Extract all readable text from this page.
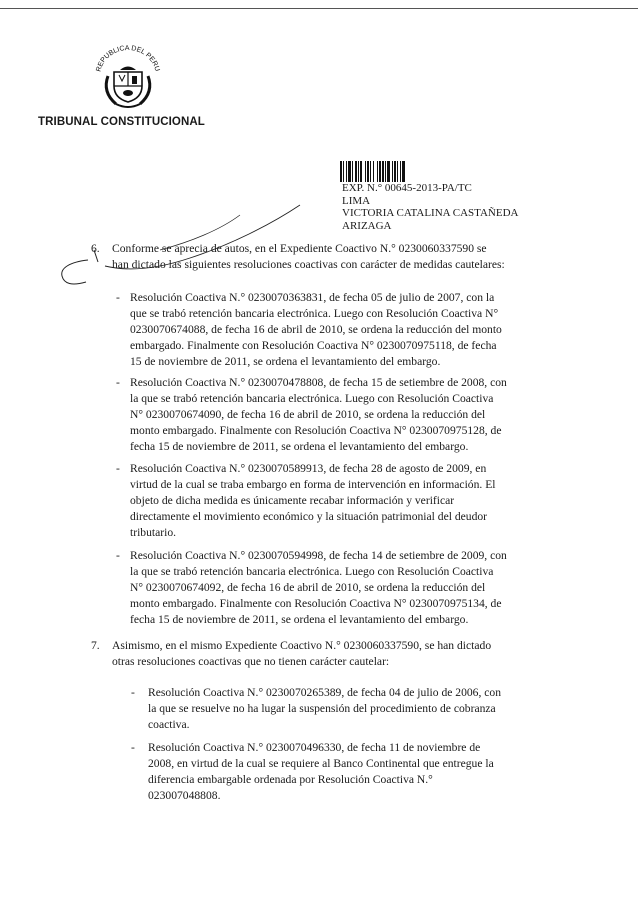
REPUBLICA DEL PERU
TRIBUNAL CONSTITUCIONAL
EXP. N.° 00645-2013-PA/TC
LIMA
VICTORIA CATALINA CASTAÑEDA
ARIZAGA
6. Conforme se aprecia de autos, en el Expediente Coactivo N.° 0230060337590 se
han dictado las siguientes resoluciones coactivas con carácter de medidas cautelares:
- Resolución Coactiva N.° 0230070363831, de fecha 05 de julio de 2007, con la
que se trabó retención bancaria electrónica. Luego con Resolución Coactiva N°
0230070674088, de fecha 16 de abril de 2010, se ordena la reducción del monto
embargado. Finalmente con Resolución Coactiva N° 0230070975118, de fecha
15 de noviembre de 2011, se ordena el levantamiento del embargo.
- Resolución Coactiva N.° 0230070478808, de fecha 15 de setiembre de 2008, con
la que se trabó retención bancaria electrónica. Luego con Resolución Coactiva
N° 0230070674090, de fecha 16 de abril de 2010, se ordena la reducción del
monto embargado. Finalmente con Resolución Coactiva N° 0230070975128, de
fecha 15 de noviembre de 2011, se ordena el levantamiento del embargo.
- Resolución Coactiva N.° 0230070589913, de fecha 28 de agosto de 2009, en
virtud de la cual se traba embargo en forma de intervención en información. El
objeto de dicha medida es únicamente recabar información y verificar
directamente el movimiento económico y la situación patrimonial del deudor
tributario.
- Resolución Coactiva N.° 0230070594998, de fecha 14 de setiembre de 2009, con
la que se trabó retención bancaria electrónica. Luego con Resolución Coactiva
N° 0230070674092, de fecha 16 de abril de 2010, se ordena la reducción del
monto embargado. Finalmente con Resolución Coactiva N° 0230070975134, de
fecha 15 de noviembre de 2011, se ordena el levantamiento del embargo.
7. Asimismo, en el mismo Expediente Coactivo N.° 0230060337590, se han dictado
otras resoluciones coactivas que no tienen carácter cautelar:
- Resolución Coactiva N.° 0230070265389, de fecha 04 de julio de 2006, con
la que se resuelve no ha lugar la suspensión del procedimiento de cobranza
coactiva.
- Resolución Coactiva N.° 0230070496330, de fecha 11 de noviembre de
2008, en virtud de la cual se requiere al Banco Continental que entregue la
diferencia embargable ordenada por Resolución Coactiva N.°
023007048808.
